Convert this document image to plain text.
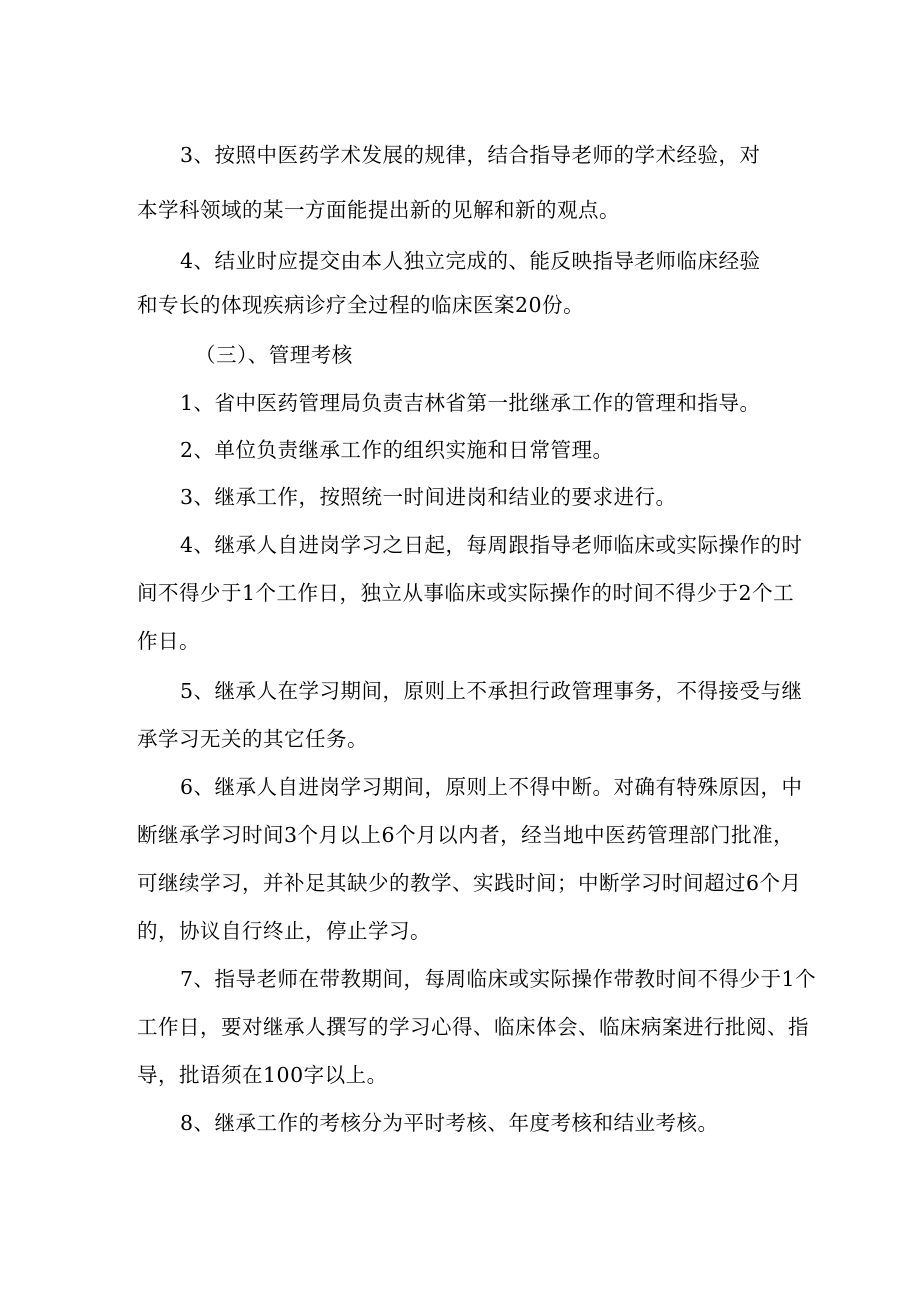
3、按照中医药学术发展的规律，结合指导老师的学术经验，对
本学科领域的某一方面能提出新的见解和新的观点。
4、结业时应提交由本人独立完成的、能反映指导老师临床经验
和专长的体现疾病诊疗全过程的临床医案20份。
（三）、管理考核
1、省中医药管理局负责吉林省第一批继承工作的管理和指导。
2、单位负责继承工作的组织实施和日常管理。
3、继承工作，按照统一时间进岗和结业的要求进行。
4、继承人自进岗学习之日起，每周跟指导老师临床或实际操作的时
间不得少于1个工作日，独立从事临床或实际操作的时间不得少于2个工
作日。
5、继承人在学习期间，原则上不承担行政管理事务，不得接受与继
承学习无关的其它任务。
6、继承人自进岗学习期间，原则上不得中断。对确有特殊原因，中
断继承学习时间3个月以上6个月以内者，经当地中医药管理部门批准，
可继续学习，并补足其缺少的教学、实践时间；中断学习时间超过6个月
的，协议自行终止，停止学习。
7、指导老师在带教期间，每周临床或实际操作带教时间不得少于1个
工作日，要对继承人撰写的学习心得、临床体会、临床病案进行批阅、指
导，批语须在100字以上。
8、继承工作的考核分为平时考核、年度考核和结业考核。
